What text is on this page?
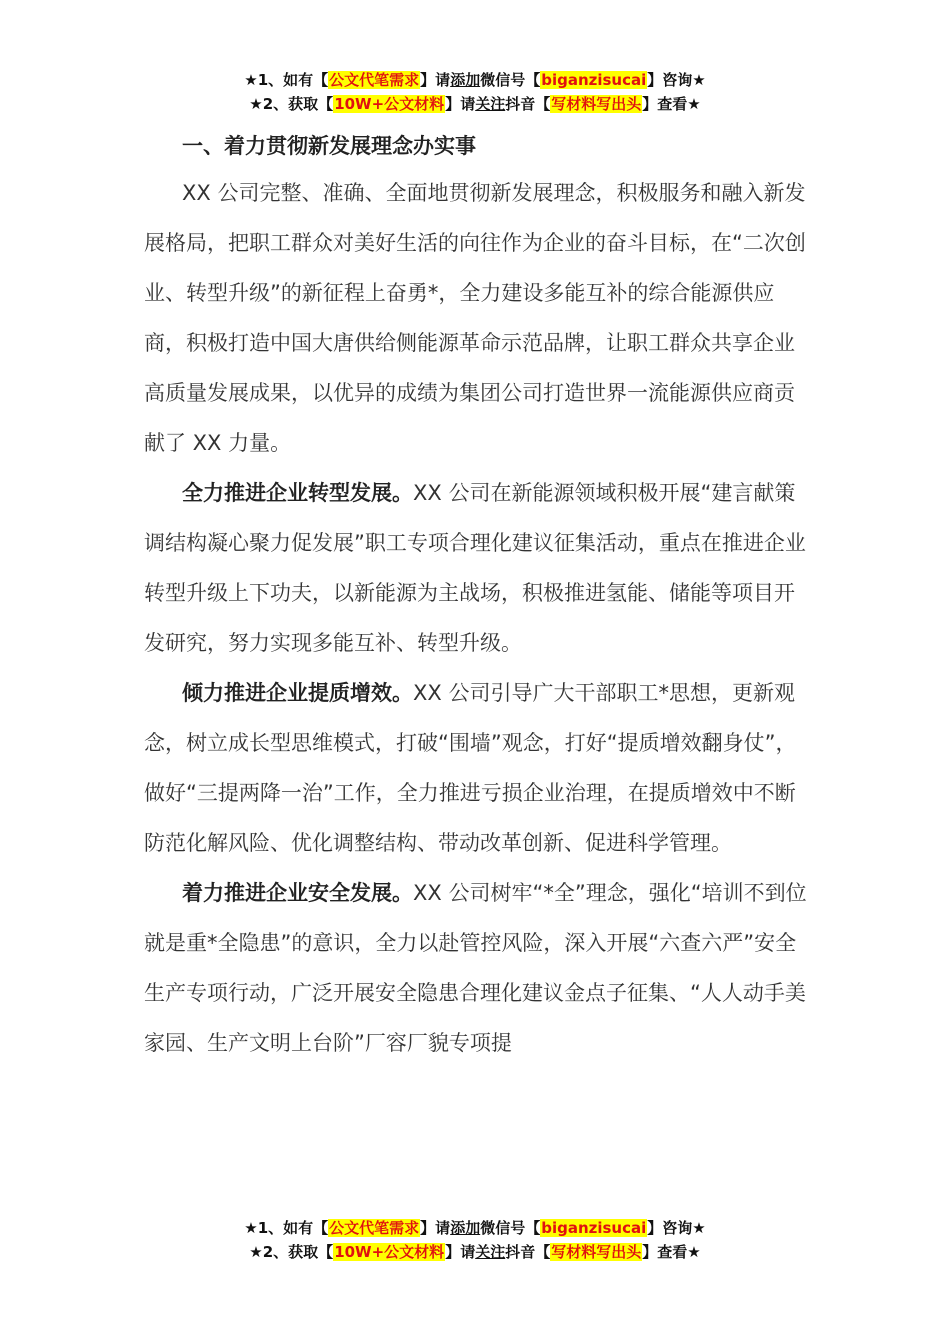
★1、如有【公文代笔需求】请添加微信号【biganzisucai】咨询★
★2、获取【10W+公文材料】请关注抖音【写材料写出头】查看★
一、着力贯彻新发展理念办实事

XX 公司完整、准确、全面地贯彻新发展理念，积极服务和融入新发展格局，把职工群众对美好生活的向往作为企业的奋斗目标，在“二次创业、转型升级”的新征程上奋勇*，全力建设多能互补的综合能源供应商，积极打造中国大唐供给侧能源革命示范品牌，让职工群众共享企业高质量发展成果，以优异的成绩为集团公司打造世界一流能源供应商贡献了 XX 力量。

全力推进企业转型发展。XX 公司在新能源领域积极开展“建言献策调结构凝心聚力促发展”职工专项合理化建议征集活动，重点在推进企业转型升级上下功夫，以新能源为主战场，积极推进氢能、储能等项目开发研究，努力实现多能互补、转型升级。

倾力推进企业提质增效。XX 公司引导广大干部职工*思想，更新观念，树立成长型思维模式，打破“围墙”观念，打好“提质增效翻身仗”，做好“三提两降一治”工作，全力推进亏损企业治理，在提质增效中不断防范化解风险、优化调整结构、带动改革创新、促进科学管理。

着力推进企业安全发展。XX 公司树牢“*全”理念，强化“培训不到位就是重*全隐患”的意识，全力以赴管控风险，深入开展“六查六严”安全生产专项行动，广泛开展安全隐患合理化建议金点子征集、“人人动手美家园、生产文明上台阶”厂容厂貌专项提

★1、如有【公文代笔需求】请添加微信号【biganzisucai】咨询★
★2、获取【10W+公文材料】请关注抖音【写材料写出头】查看★
